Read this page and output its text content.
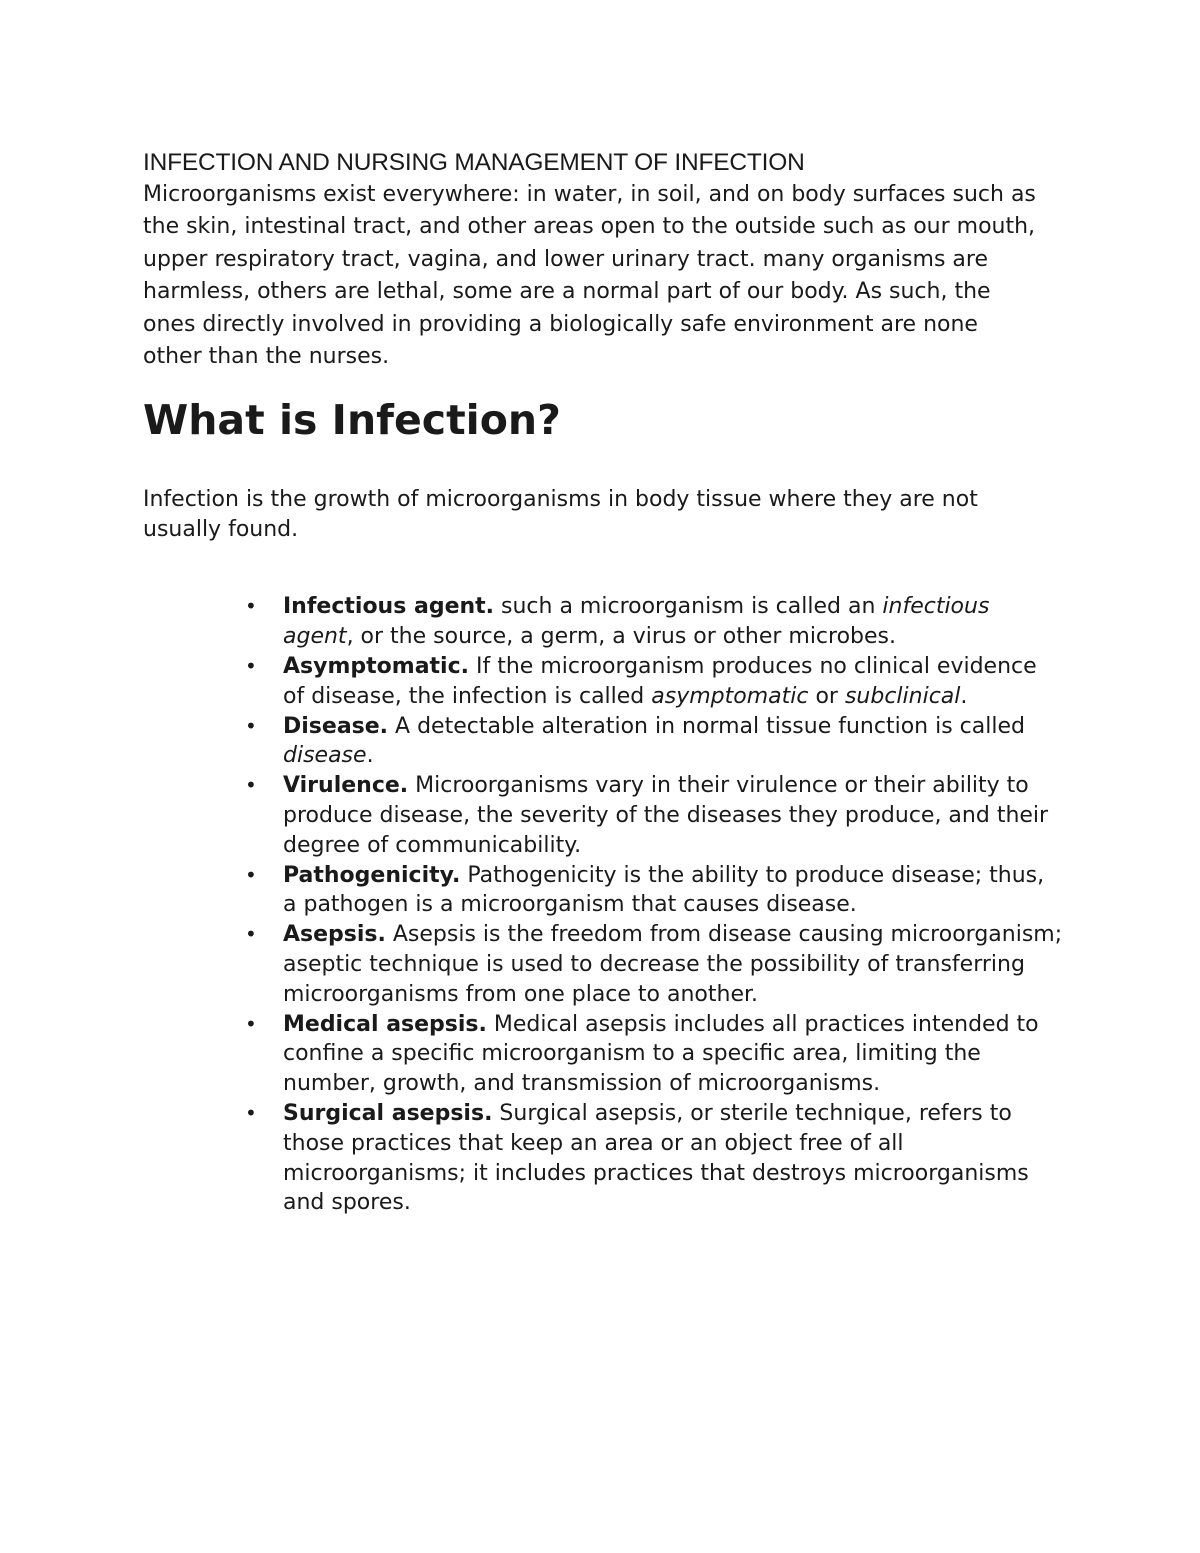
INFECTION AND NURSING MANAGEMENT OF INFECTION

Microorganisms exist everywhere: in water, in soil, and on body surfaces such as the skin, intestinal tract, and other areas open to the outside such as our mouth, upper respiratory tract, vagina, and lower urinary tract. many organisms are harmless, others are lethal, some are a normal part of our body. As such, the ones directly involved in providing a biologically safe environment are none other than the nurses.

What is Infection?

Infection is the growth of microorganisms in body tissue where they are not usually found.

• Infectious agent. such a microorganism is called an infectious agent, or the source, a germ, a virus or other microbes.
• Asymptomatic. If the microorganism produces no clinical evidence of disease, the infection is called asymptomatic or subclinical.
• Disease. A detectable alteration in normal tissue function is called disease.
• Virulence. Microorganisms vary in their virulence or their ability to produce disease, the severity of the diseases they produce, and their degree of communicability.
• Pathogenicity. Pathogenicity is the ability to produce disease; thus, a pathogen is a microorganism that causes disease.
• Asepsis. Asepsis is the freedom from disease causing microorganism; aseptic technique is used to decrease the possibility of transferring microorganisms from one place to another.
• Medical asepsis. Medical asepsis includes all practices intended to confine a specific microorganism to a specific area, limiting the number, growth, and transmission of microorganisms.
• Surgical asepsis. Surgical asepsis, or sterile technique, refers to those practices that keep an area or an object free of all microorganisms; it includes practices that destroys microorganisms and spores.
